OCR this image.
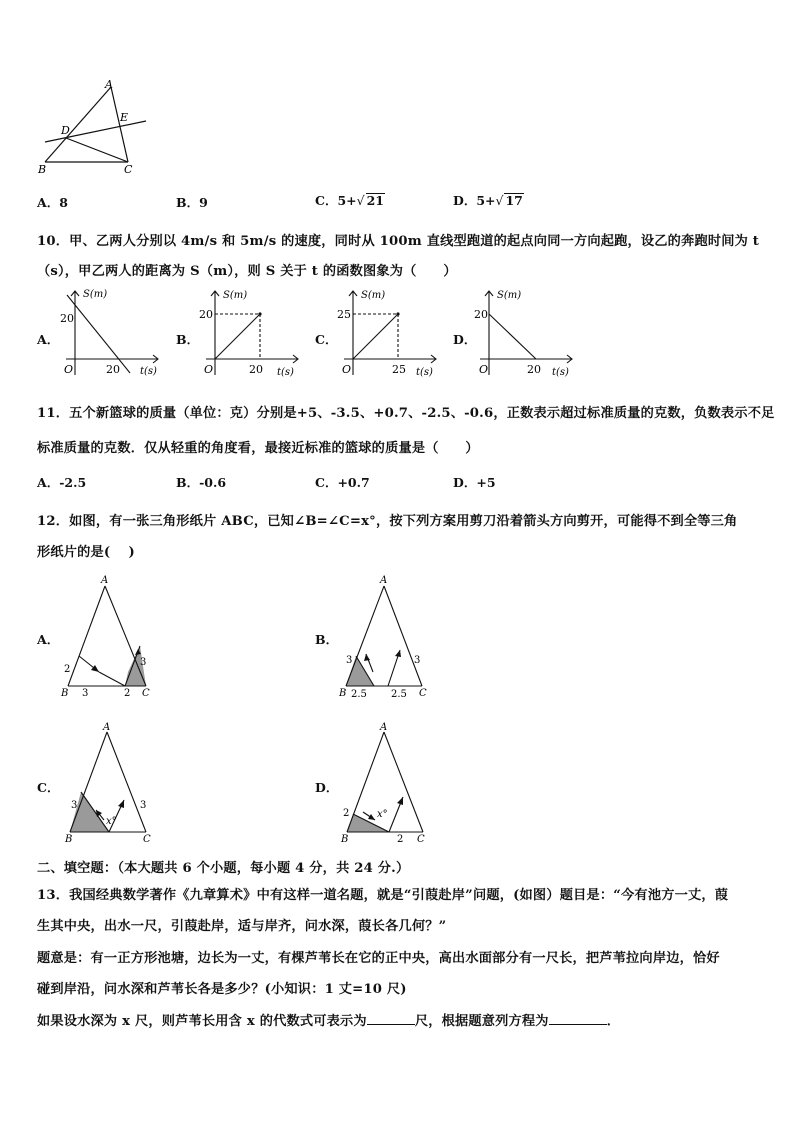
A
D
E
B	C
A．8	B．9	C．5+√ 21	D．5+√ 17
10．甲、乙两人分别以 4m/s 和 5m/s 的速度，同时从 100m 直线型跑道的起点向同一方向起跑，设乙的奔跑时间为 t
（s），甲乙两人的距离为 S（m），则 S 关于 t 的函数图象为（　　）
A．
S(m)
20
O	20 t(s)
B．
S(m)
20
O	20 t(s)
C．
S(m)
25
O	25 t(s)
D．
S(m)
20
O	20 t(s)
11．五个新篮球的质量（单位：克）分别是+5、-3.5、+0.7、-2.5、-0.6，正数表示超过标准质量的克数，负数表示不足
标准质量的克数．仅从轻重的角度看，最接近标准的篮球的质量是（　　）
A．-2.5	B．-0.6	C．+0.7	D．+5
12．如图，有一张三角形纸片 ABC，已知∠B=∠C=x°，按下列方案用剪刀沿着箭头方向剪开，可能得不到全等三角
形纸片的是(　 )
A．
A
B	C
2
3	2
3
B．
A
B	C
3
2.5 2.5
3
C．
A
B	C
3
x°
3
D．
A
B	C
2	x°
2
二、填空题：（本大题共 6 个小题，每小题 4 分，共 24 分.）
13．我国经典数学著作《九章算术》中有这样一道名题，就是“引葭赴岸”问题，(如图）题目是：“今有池方一丈，葭
生其中央，出水一尺，引葭赴岸，适与岸齐，问水深，葭长各几何？”
题意是：有一正方形池塘，边长为一丈，有棵芦苇长在它的正中央，高出水面部分有一尺长，把芦苇拉向岸边，恰好
碰到岸沿，问水深和芦苇长各是多少？(小知识：1 丈=10 尺)
如果设水深为 x 尺，则芦苇长用含 x 的代数式可表示为	尺，根据题意列方程为	．
